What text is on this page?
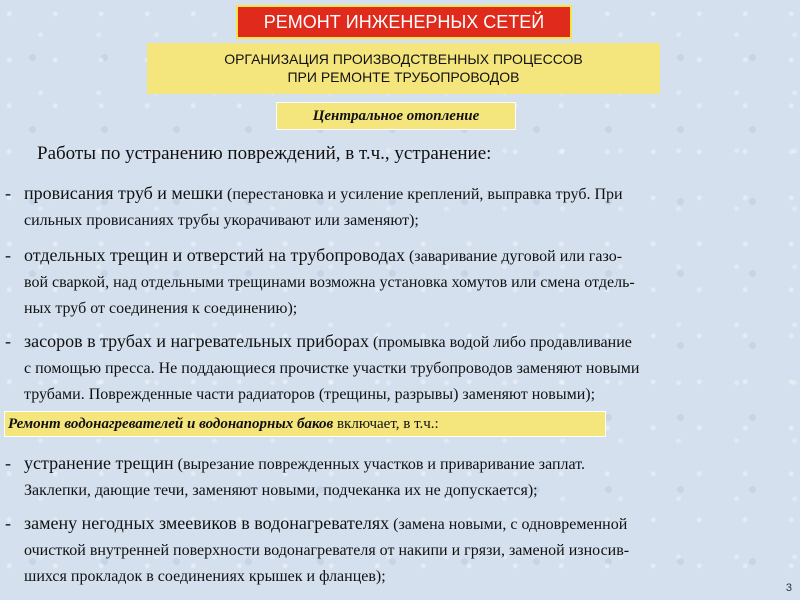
РЕМОНТ ИНЖЕНЕРНЫХ СЕТЕЙ
ОРГАНИЗАЦИЯ ПРОИЗВОДСТВЕННЫХ ПРОЦЕССОВ
ПРИ РЕМОНТЕ ТРУБОПРОВОДОВ
Центральное отопление
Работы по устранению повреждений, в т.ч., устранение:
- провисания труб и мешки (перестановка и усиление креплений, выправка труб. При
сильных провисаниях трубы укорачивают или заменяют);
- отдельных трещин и отверстий на трубопроводах (заваривание дуговой или газо-
вой сваркой, над отдельными трещинами возможна установка хомутов или смена отдель-
ных труб от соединения к соединению);
- засоров в трубах и нагревательных приборах (промывка водой либо продавливание
с помощью пресса. Не поддающиеся прочистке участки трубопроводов заменяют новыми
трубами. Поврежденные части радиаторов (трещины, разрывы) заменяют новыми);
Ремонт водонагревателей и водонапорных баков включает, в т.ч.:
- устранение трещин (вырезание поврежденных участков и приваривание заплат.
Заклепки, дающие течи, заменяют новыми, подчеканка их не допускается);
- замену негодных змеевиков в водонагревателях (замена новыми, с одновременной
очисткой внутренней поверхности водонагревателя от накипи и грязи, заменой износив-
шихся прокладок в соединениях крышек и фланцев);
3
